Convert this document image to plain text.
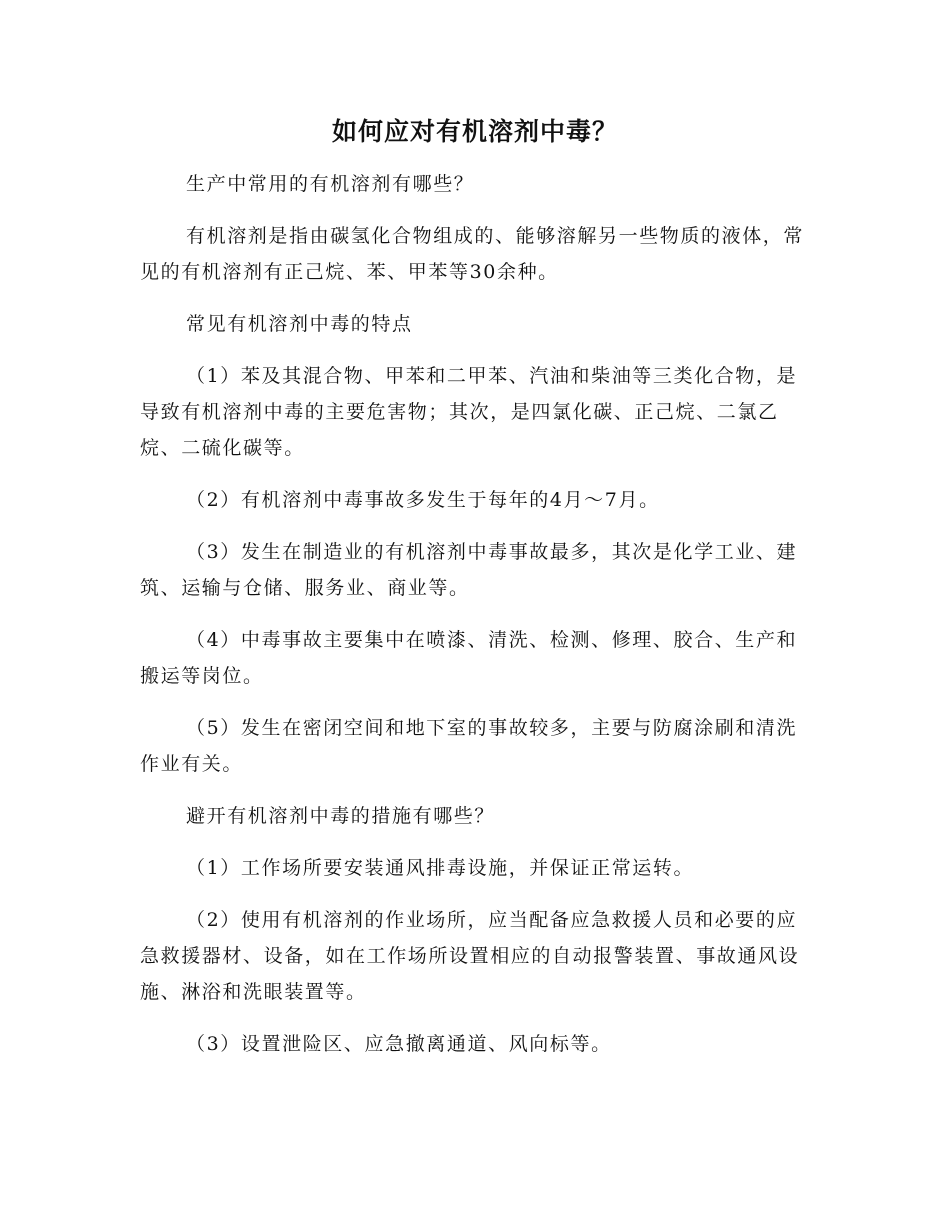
如何应对有机溶剂中毒？

生产中常用的有机溶剂有哪些？

有机溶剂是指由碳氢化合物组成的、能够溶解另一些物质的液体，常见的有机溶剂有正己烷、苯、甲苯等30余种。

常见有机溶剂中毒的特点

（1）苯及其混合物、甲苯和二甲苯、汽油和柴油等三类化合物，是导致有机溶剂中毒的主要危害物；其次，是四氯化碳、正己烷、二氯乙烷、二硫化碳等。

（2）有机溶剂中毒事故多发生于每年的4月～7月。

（3）发生在制造业的有机溶剂中毒事故最多，其次是化学工业、建筑、运输与仓储、服务业、商业等。

（4）中毒事故主要集中在喷漆、清洗、检测、修理、胶合、生产和搬运等岗位。

（5）发生在密闭空间和地下室的事故较多，主要与防腐涂刷和清洗作业有关。

避开有机溶剂中毒的措施有哪些？

（1）工作场所要安装通风排毒设施，并保证正常运转。

（2）使用有机溶剂的作业场所，应当配备应急救援人员和必要的应急救援器材、设备，如在工作场所设置相应的自动报警装置、事故通风设施、淋浴和洗眼装置等。

（3）设置泄险区、应急撤离通道、风向标等。
